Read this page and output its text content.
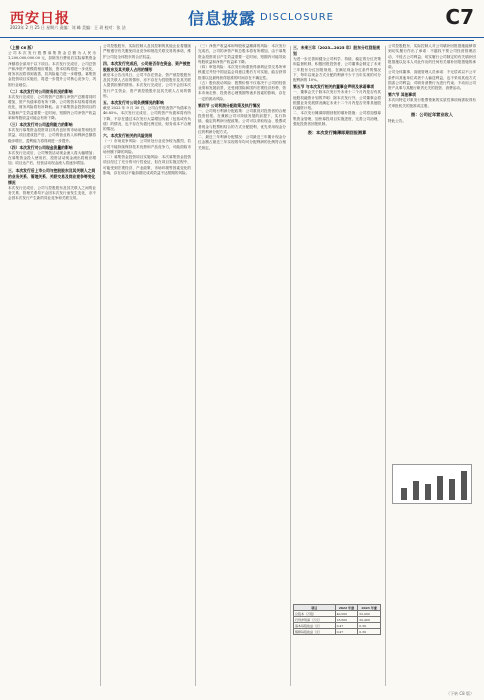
西安日报
2023年 2 月 25 日 星期六 责编：刘 峰 美编：王 玥 校对：张 洁	信息披露 DISCLOSURE	C7
（上接 C6 版）
公司本次发行股票募集资金总额为人民币 1,200,000,000.00 元，扣除发行费用后实际募集资金净额将全部用于以下项目。本次发行完成后，公司总资产和净资产规模将相应增加，资本结构将进一步优化，财务状况将得到改善，抗风险能力进一步增强。募集资金投资项目实施后，将进一步提升公司核心竞争力，巩固行业地位。
（二）本次发行对公司财务状况的影响
本次发行完成后，公司的资产总额与净资产总额将同时增加，资产负债率将有所下降，公司的资本结构将得到优化，财务风险将有所降低。由于募集资金投资项目的实施和产生效益需要一定时间，短期内公司净资产收益率和每股收益可能会有所下降。
（三）本次发行对公司盈利能力的影响
本次发行募集资金投资项目具有良好的市场前景和经济效益，项目建成投产后，公司的营业收入和利润总额将稳步增长，盈利能力将得到进一步提升。
（四）本次发行对公司现金流量的影响
本次发行完成后，公司筹资活动现金流入将大幅增加；在募集资金投入使用后，投资活动现金流出将相应增加；项目达产后，经营活动现金流入将逐步增加。
三、本次发行后上市公司与控股股东及其关联人之间的业务关系、管理关系、关联交易及同业竞争等变化情况
本次发行完成后，公司与控股股东及其关联人之间的业务关系、管理关系均不会因本次发行而发生变化，亦不会因本次发行产生新的同业竞争和关联交易。
公司控股股东、实际控制人及其控制的其他企业将继续严格遵守有关避免同业竞争和规范关联交易的承诺，维护公司及全体股东的合法权益。
四、本次发行完成后，公司是否存在资金、资产被控股股东及其关联人占用的情形
截至本公告出具日，公司不存在资金、资产被控股股东及其关联人占用的情形，亦不存在为控股股东及其关联人提供担保的情形。本次发行完成后，公司不会因本次发行产生资金、资产被控股股东及其关联人占用的情形。
五、本次发行对公司负债情况的影响
截至 2022 年 9 月 30 日，公司合并报表资产负债率为 46.85%。本次发行完成后，公司的资产负债率将有所下降，不存在通过本次发行大量增加负债（包括或有负债）的情况，也不存在负债比例过低、财务成本不合理的情况。
六、本次发行相关的风险说明
（一）市场竞争风险：公司所处行业竞争较为激烈，若公司不能持续保持技术优势和产品竞争力，可能面临市场份额下降的风险。
（二）募集资金投资项目实施风险：本次募集资金投资项目经过了充分的可行性论证，但在项目实施过程中，可能受到宏观经济、产业政策、市场环境等因素变化的影响，存在项目不能如期完成或效益不达预期的风险。
（三）净资产收益率和每股收益摊薄的风险：本次发行完成后，公司的净资产和总股本将有所增加，由于募集资金投资项目产生效益需要一定时间，短期内可能导致每股收益和净资产收益率下降。
（四）审批风险：本次发行尚需获得深圳证券交易所审核通过并经中国证监会同意注册后方可实施，能否获得批准以及最终获得批准的时间存在不确定性。
（五）股价波动风险：股票价格不仅取决于公司的经营业绩和发展前景，还受到国际和国内宏观经济形势、资本市场走势、投资者心理预期等诸多因素的影响，存在一定的波动风险。
第四节 公司利润分配政策及执行情况
一、公司现行利润分配政策：公司重视对投资者的合理投资回报，在兼顾公司可持续发展的前提下，实行持续、稳定的利润分配政策。公司可以采取现金、股票或者现金与股票相结合的方式分配股利，优先采用现金分红的利润分配方式。
二、最近三年利润分配情况：公司最近三年累计现金分红金额占最近三年实现的年均可分配利润的比例符合相关规定。
三、未来三年（2023—2025 年）股东分红回报规划
为进一步完善和健全公司科学、持续、稳定的分红决策和监督机制，积极回报投资者，公司董事会制定了未来三年股东分红回报规划，在满足现金分红条件的情况下，每年以现金方式分配的利润不少于当年实现的可分配利润的 10%。
第五节 与本次发行相关的董事会声明及承诺事项
一、董事会关于除本次发行外未来十二个月内是否有其他股权融资计划的声明：除本次发行外，公司董事会将根据业务发展情况确定未来十二个月内是否安排其他股权融资计划。
二、本次发行摊薄即期回报的填补措施：公司将加强募集资金管理，加快募投项目实施进度，完善公司治理，强化投资者回报机制。
表：本次发行摊薄即期回报测算
项目	2022 年度	2023 年度
总股本（万股）	40,000	52,000
归母净利润（万元）	18,600	20,460
基本每股收益（元）	0.47	0.39
稀释每股收益（元）	0.47	0.39
公司控股股东、实际控制人对公司填补回报措施能够得到切实履行作出了承诺：不越权干预公司经营管理活动，不侵占公司利益；切实履行公司制定的有关填补回报措施以及本人对此作出的任何有关填补回报措施的承诺。
公司全体董事、高级管理人员承诺：不无偿或以不公平条件向其他单位或者个人输送利益，也不采用其他方式损害公司利益；对职务消费行为进行约束；不动用公司资产从事与其履行职责无关的投资、消费活动。
第六节 其他事项
本次向特定对象发行股票预案的实质性事项尚需取得有关审批机关的批准或注册。
图：公司近年营业收入
特此公告。
（下转 C8 版）
